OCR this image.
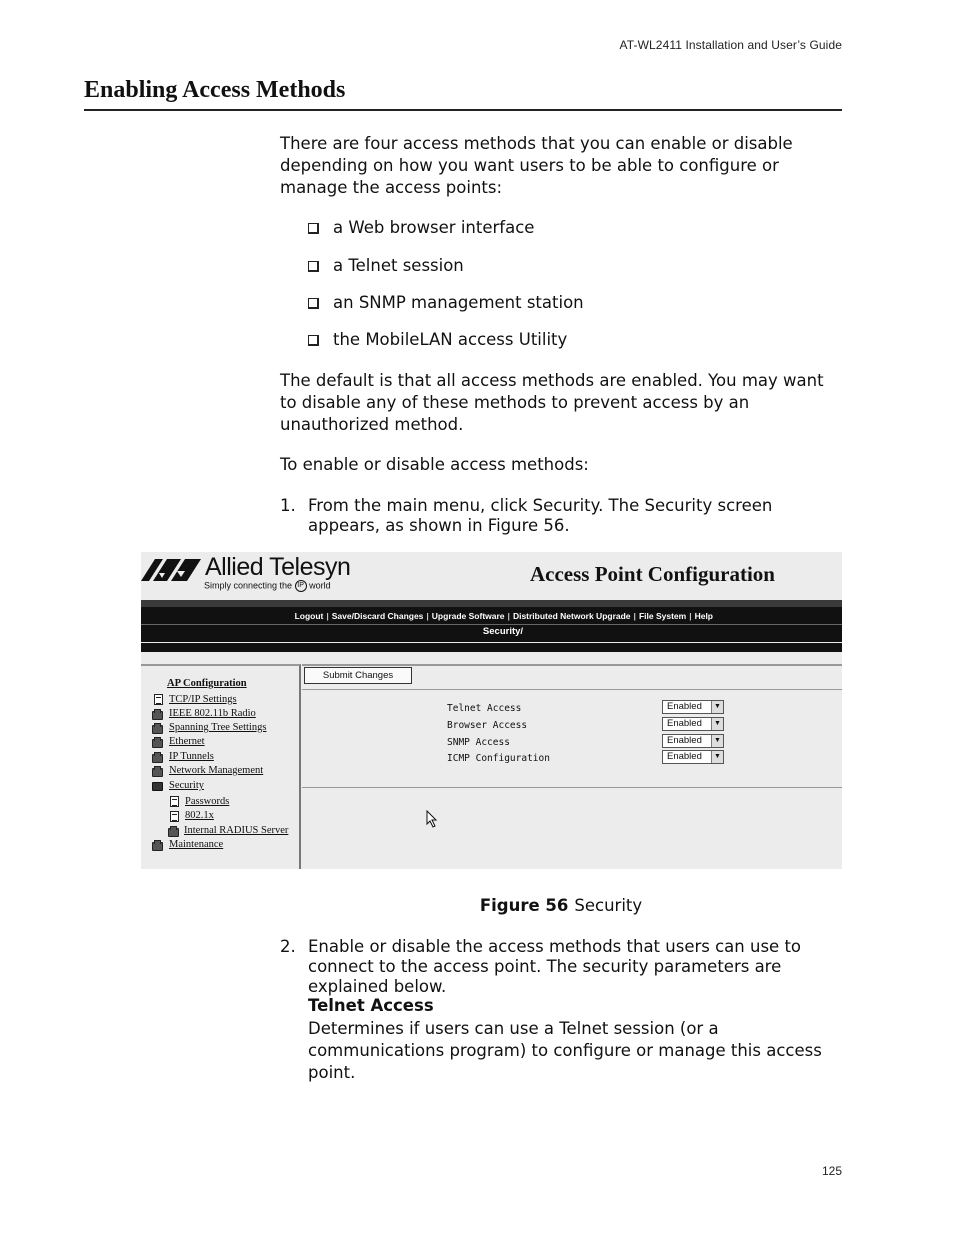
AT-WL2411 Installation and User’s Guide
Enabling Access Methods

There are four access methods that you can enable or disable depending on how you want users to be able to configure or manage the access points:

a Web browser interface
a Telnet session
an SNMP management station
the MobileLAN access Utility

The default is that all access methods are enabled. You may want to disable any of these methods to prevent access by an unauthorized method.

To enable or disable access methods:

1. From the main menu, click Security. The Security screen appears, as shown in Figure 56.
Allied Telesyn
Simply connecting the IP world	Access Point Configuration
Logout | Save/Discard Changes | Upgrade Software | Distributed Network Upgrade | File System | Help
Security/
AP Configuration
TCP/IP Settings
IEEE 802.11b Radio
Spanning Tree Settings
Ethernet
IP Tunnels
Network Management
Security
Passwords
802.1x
Internal RADIUS Server
Maintenance
Submit Changes
Telnet Access	Enabled	▼
Browser Access	Enabled	▼
SNMP Access	Enabled	▼
ICMP Configuration	Enabled	▼
Figure 56 Security
2. Enable or disable the access methods that users can use to connect to the access point. The security parameters are explained below.
Telnet Access

Determines if users can use a Telnet session (or a communications program) to configure or manage this access point.

125
